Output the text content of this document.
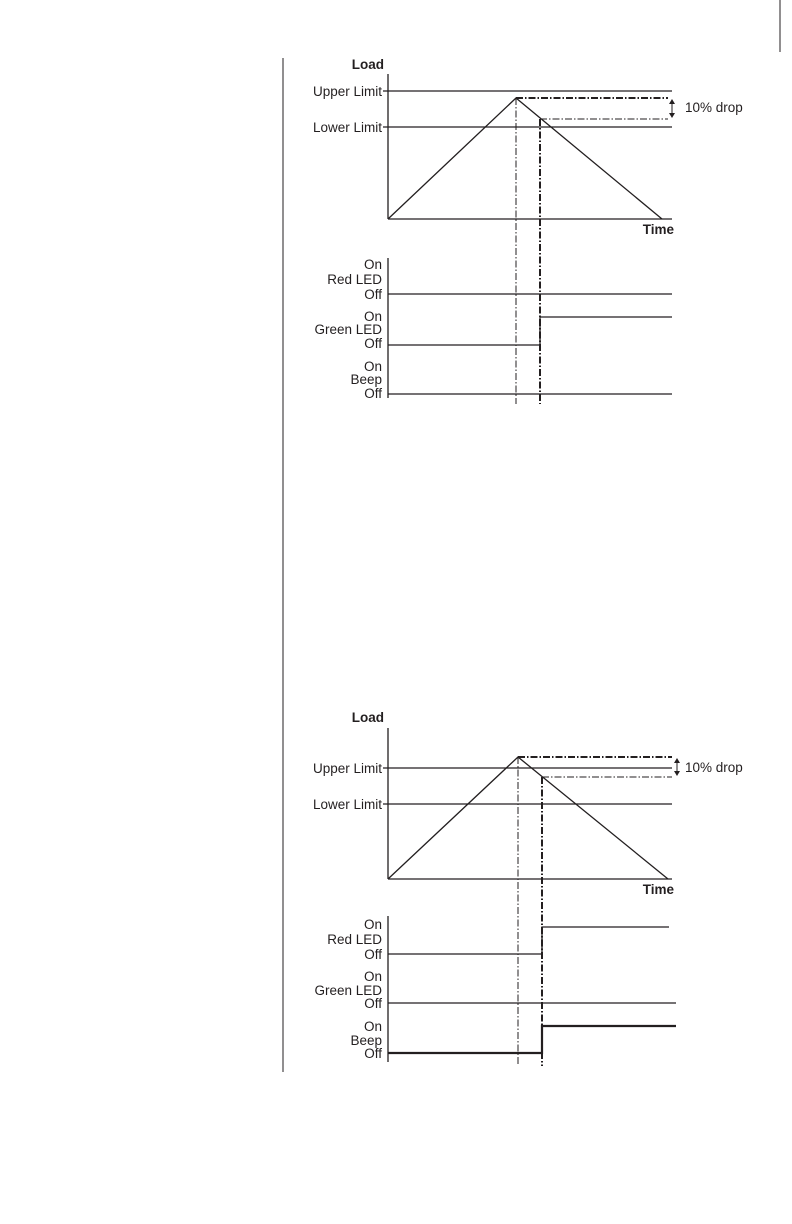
Load
Time
Upper Limit
Lower Limit
10% drop
On
Red LED
Off
On
Green LED
Off
On
Beep
Off
Load
Time
Upper Limit
Lower Limit
10% drop
On
Red LED
Off
On
Green LED
Off
On
Beep
Off
